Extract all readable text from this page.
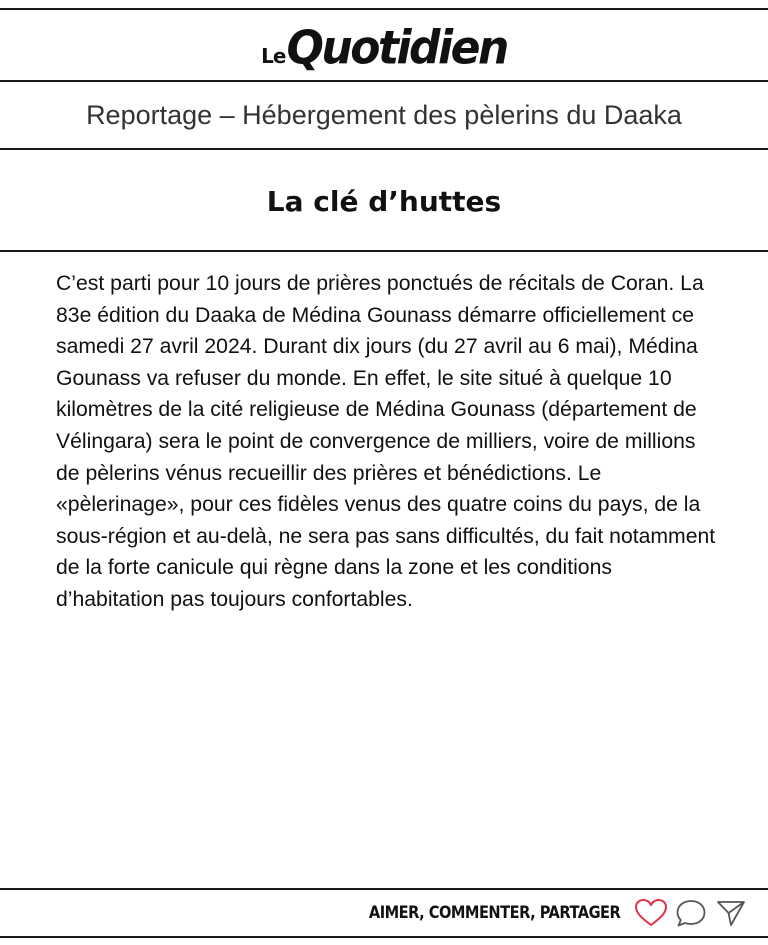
Le Quotidien
Reportage – Hébergement des pèlerins du Daaka
La clé d’huttes

C’est parti pour 10 jours de prières ponctués de récitals de Coran. La 83e édition du Daaka de Médina Gounass démarre officiellement ce samedi 27 avril 2024. Durant dix jours (du 27 avril au 6 mai), Médina Gounass va refuser du monde. En effet, le site situé à quelque 10 kilomètres de la cité religieuse de Médina Gounass (département de Vélingara) sera le point de convergence de milliers, voire de millions de pèlerins vénus recueillir des prières et bénédictions. Le «pèlerinage», pour ces fidèles venus des quatre coins du pays, de la sous-région et au-delà, ne sera pas sans difficultés, du fait notamment de la forte canicule qui règne dans la zone et les conditions d’habitation pas toujours confortables.

AIMER, COMMENTER, PARTAGER
